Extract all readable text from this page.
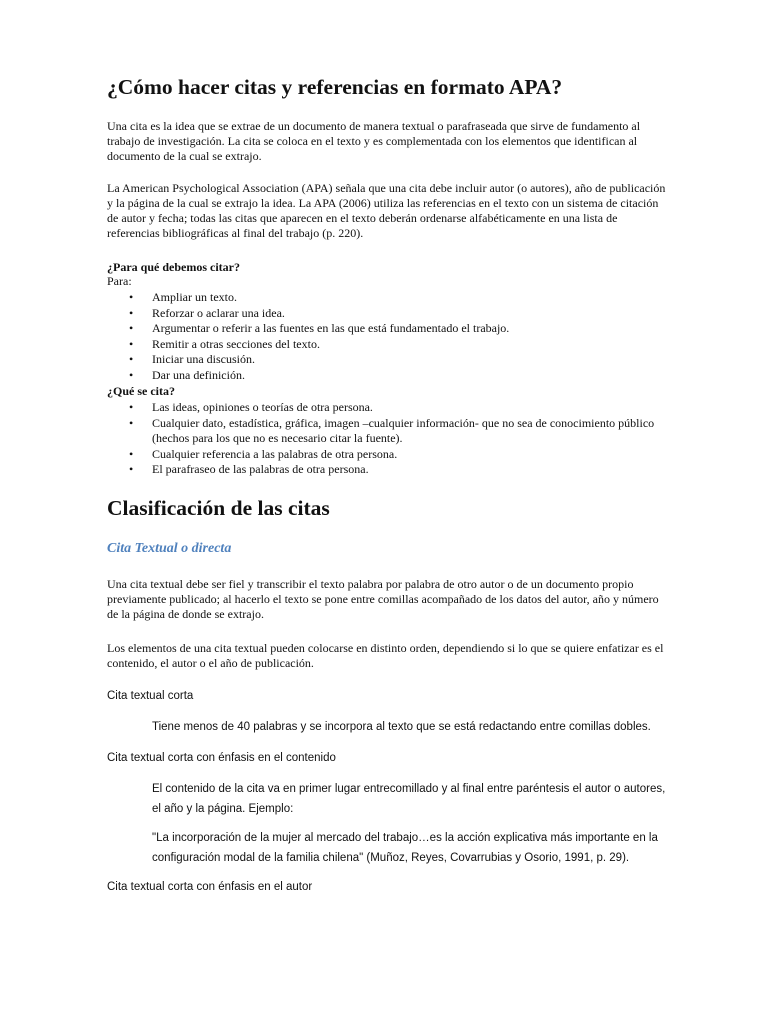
¿Cómo hacer citas y referencias en formato APA?

Una cita es la idea que se extrae de un documento de manera textual o parafraseada que sirve de fundamento al trabajo de investigación. La cita se coloca en el texto y es complementada con los elementos que identifican al documento de la cual se extrajo.

La American Psychological Association (APA) señala que una cita debe incluir autor (o autores), año de publicación y la página de la cual se extrajo la idea. La APA (2006) utiliza las referencias en el texto con un sistema de citación de autor y fecha; todas las citas que aparecen en el texto deberán ordenarse alfabéticamente en una lista de referencias bibliográficas al final del trabajo (p. 220).

¿Para qué debemos citar?

Para:

• Ampliar un texto.
• Reforzar o aclarar una idea.
• Argumentar o referir a las fuentes en las que está fundamentado el trabajo.
• Remitir a otras secciones del texto.
• Iniciar una discusión.
• Dar una definición.

¿Qué se cita?

• Las ideas, opiniones o teorías de otra persona.
• Cualquier dato, estadística, gráfica, imagen –cualquier información- que no sea de conocimiento público (hechos para los que no es necesario citar la fuente).
• Cualquier referencia a las palabras de otra persona.
• El parafraseo de las palabras de otra persona.
Clasificación de las citas
Cita Textual o directa

Una cita textual debe ser fiel y transcribir el texto palabra por palabra de otro autor o de un documento propio previamente publicado; al hacerlo el texto se pone entre comillas acompañado de los datos del autor, año y número de la página de donde se extrajo.

Los elementos de una cita textual pueden colocarse en distinto orden, dependiendo si lo que se quiere enfatizar es el contenido, el autor o el año de publicación.

Cita textual corta

Tiene menos de 40 palabras y se incorpora al texto que se está redactando entre comillas dobles.

Cita textual corta con énfasis en el contenido

El contenido de la cita va en primer lugar entrecomillado y al final entre paréntesis el autor o autores, el año y la página. Ejemplo:

"La incorporación de la mujer al mercado del trabajo…es la acción explicativa más importante en la configuración modal de la familia chilena" (Muñoz, Reyes, Covarrubias y Osorio, 1991, p. 29).

Cita textual corta con énfasis en el autor
